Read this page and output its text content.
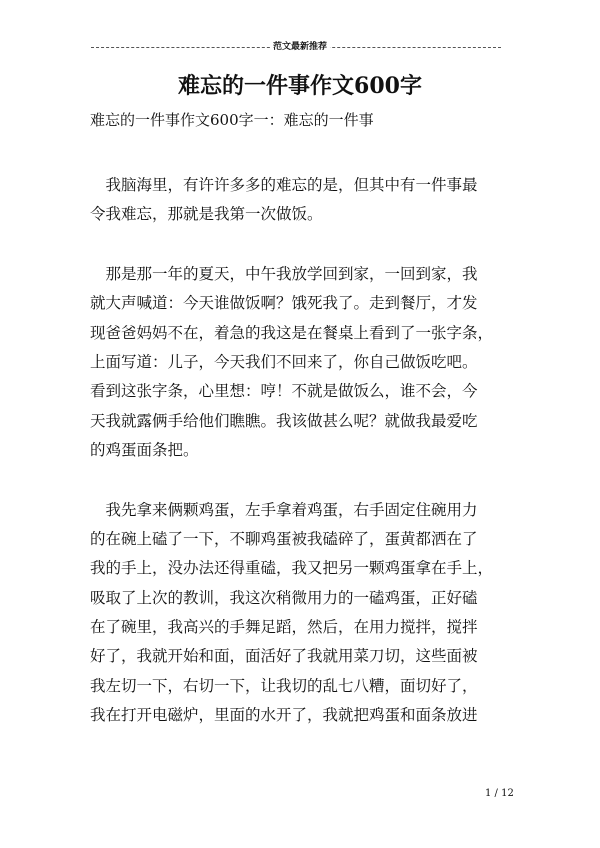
范文最新推荐
难忘的一件事作文600字

难忘的一件事作文600字一：难忘的一件事

　我脑海里，有许许多多的难忘的是，但其中有一件事最
令我难忘，那就是我第一次做饭。
　那是那一年的夏天，中午我放学回到家，一回到家，我
就大声喊道：今天谁做饭啊？饿死我了。走到餐厅，才发
现爸爸妈妈不在，着急的我这是在餐桌上看到了一张字条，
上面写道：儿子，今天我们不回来了，你自己做饭吃吧。
看到这张字条，心里想：哼！不就是做饭么，谁不会，今
天我就露俩手给他们瞧瞧。我该做甚么呢？就做我最爱吃
的鸡蛋面条把。
　我先拿来俩颗鸡蛋，左手拿着鸡蛋，右手固定住碗用力
的在碗上磕了一下，不聊鸡蛋被我磕碎了，蛋黄都洒在了
我的手上，没办法还得重磕，我又把另一颗鸡蛋拿在手上，
吸取了上次的教训，我这次稍微用力的一磕鸡蛋，正好磕
在了碗里，我高兴的手舞足蹈，然后，在用力搅拌，搅拌
好了，我就开始和面，面活好了我就用菜刀切，这些面被
我左切一下，右切一下，让我切的乱七八糟，面切好了，
我在打开电磁炉，里面的水开了，我就把鸡蛋和面条放进
1 / 12
